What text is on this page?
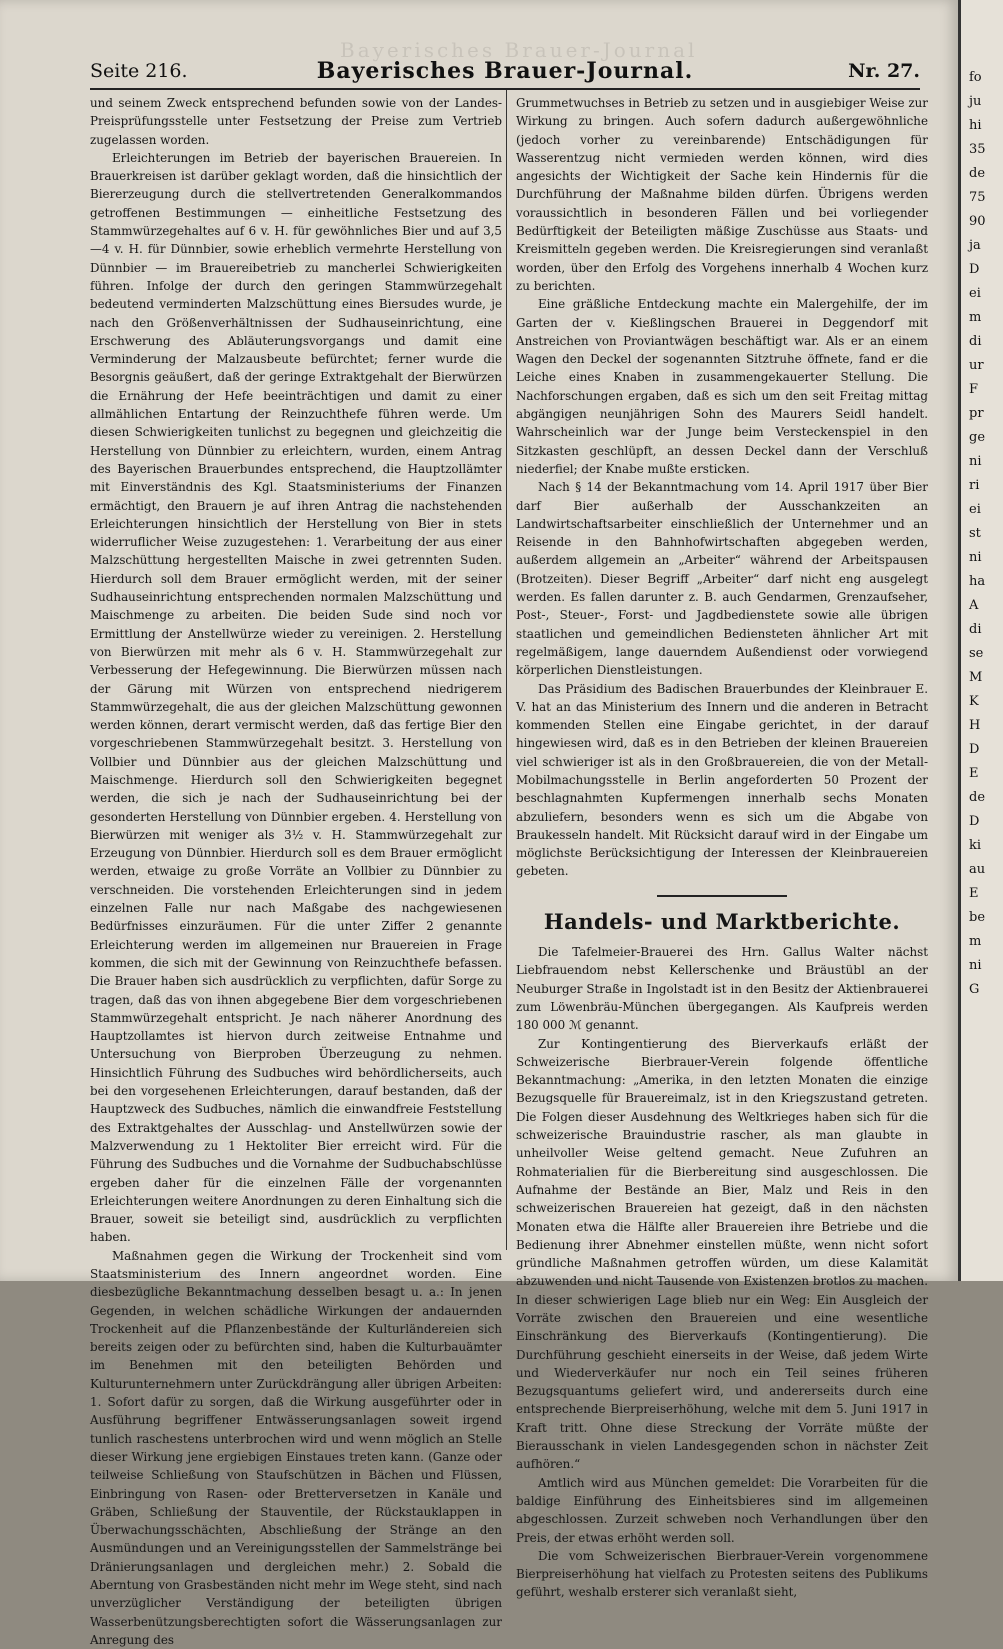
Bayerisches Brauer-Journal
Seite 216.	Bayerisches Brauer-Journal.	Nr. 27.

und seinem Zweck entsprechend befunden sowie von der Landes-Preisprüfungsstelle unter Festsetzung der Preise zum Vertrieb zugelassen worden.

Erleichterungen im Betrieb der bayerischen Brauereien. In Brauerkreisen ist darüber geklagt worden, daß die hinsichtlich der Biererzeugung durch die stellvertretenden Generalkommandos getroffenen Bestimmungen — einheitliche Festsetzung des Stammwürzegehaltes auf 6 v. H. für gewöhnliches Bier und auf 3,5—4 v. H. für Dünnbier, sowie erheblich vermehrte Herstellung von Dünnbier — im Brauereibetrieb zu mancherlei Schwierigkeiten führen. Infolge der durch den geringen Stammwürzegehalt bedeutend verminderten Malzschüttung eines Biersudes wurde, je nach den Größenverhältnissen der Sudhauseinrichtung, eine Erschwerung des Abläuterungsvorgangs und damit eine Verminderung der Malzausbeute befürchtet; ferner wurde die Besorgnis geäußert, daß der geringe Extraktgehalt der Bierwürzen die Ernährung der Hefe beeinträchtigen und damit zu einer allmählichen Entartung der Reinzuchthefe führen werde. Um diesen Schwierigkeiten tunlichst zu begegnen und gleichzeitig die Herstellung von Dünnbier zu erleichtern, wurden, einem Antrag des Bayerischen Brauerbundes entsprechend, die Hauptzollämter mit Einverständnis des Kgl. Staatsministeriums der Finanzen ermächtigt, den Brauern je auf ihren Antrag die nachstehenden Erleichterungen hinsichtlich der Herstellung von Bier in stets widerruflicher Weise zuzugestehen: 1. Verarbeitung der aus einer Malzschüttung hergestellten Maische in zwei getrennten Suden. Hierdurch soll dem Brauer ermöglicht werden, mit der seiner Sudhauseinrichtung entsprechenden normalen Malzschüttung und Maischmenge zu arbeiten. Die beiden Sude sind noch vor Ermittlung der Anstellwürze wieder zu vereinigen. 2. Herstellung von Bierwürzen mit mehr als 6 v. H. Stammwürzegehalt zur Verbesserung der Hefegewinnung. Die Bierwürzen müssen nach der Gärung mit Würzen von entsprechend niedrigerem Stammwürzegehalt, die aus der gleichen Malzschüttung gewonnen werden können, derart vermischt werden, daß das fertige Bier den vorgeschriebenen Stammwürzegehalt besitzt. 3. Herstellung von Vollbier und Dünnbier aus der gleichen Malzschüttung und Maischmenge. Hierdurch soll den Schwierigkeiten begegnet werden, die sich je nach der Sudhauseinrichtung bei der gesonderten Herstellung von Dünnbier ergeben. 4. Herstellung von Bierwürzen mit weniger als 3½ v. H. Stammwürzegehalt zur Erzeugung von Dünnbier. Hierdurch soll es dem Brauer ermöglicht werden, etwaige zu große Vorräte an Vollbier zu Dünnbier zu verschneiden. Die vorstehenden Erleichterungen sind in jedem einzelnen Falle nur nach Maßgabe des nachgewiesenen Bedürfnisses einzuräumen. Für die unter Ziffer 2 genannte Erleichterung werden im allgemeinen nur Brauereien in Frage kommen, die sich mit der Gewinnung von Reinzuchthefe befassen. Die Brauer haben sich ausdrücklich zu verpflichten, dafür Sorge zu tragen, daß das von ihnen abgegebene Bier dem vorgeschriebenen Stammwürzegehalt entspricht. Je nach näherer Anordnung des Hauptzollamtes ist hiervon durch zeitweise Entnahme und Untersuchung von Bierproben Überzeugung zu nehmen. Hinsichtlich Führung des Sudbuches wird behördlicherseits, auch bei den vorgesehenen Erleichterungen, darauf bestanden, daß der Hauptzweck des Sudbuches, nämlich die einwandfreie Feststellung des Extraktgehaltes der Ausschlag- und Anstellwürzen sowie der Malzverwendung zu 1 Hektoliter Bier erreicht wird. Für die Führung des Sudbuches und die Vornahme der Sudbuchabschlüsse ergeben daher für die einzelnen Fälle der vorgenannten Erleichterungen weitere Anordnungen zu deren Einhaltung sich die Brauer, soweit sie beteiligt sind, ausdrücklich zu verpflichten haben.

Maßnahmen gegen die Wirkung der Trockenheit sind vom Staatsministerium des Innern angeordnet worden. Eine diesbezügliche Bekanntmachung desselben besagt u. a.: In jenen Gegenden, in welchen schädliche Wirkungen der andauernden Trockenheit auf die Pflanzenbestände der Kulturländereien sich bereits zeigen oder zu befürchten sind, haben die Kulturbauämter im Benehmen mit den beteiligten Behörden und Kulturunternehmern unter Zurückdrängung aller übrigen Arbeiten: 1. Sofort dafür zu sorgen, daß die Wirkung ausgeführter oder in Ausführung begriffener Entwässerungsanlagen soweit irgend tunlich raschestens unterbrochen wird und wenn möglich an Stelle dieser Wirkung jene ergiebigen Einstaues treten kann. (Ganze oder teilweise Schließung von Staufschützen in Bächen und Flüssen, Einbringung von Rasen- oder Bretterversetzen in Kanäle und Gräben, Schließung der Stauventile, der Rückstauklappen in Überwachungsschächten, Abschließung der Stränge an den Ausmündungen und an Vereinigungsstellen der Sammelstränge bei Dränierungsanlagen und dergleichen mehr.) 2. Sobald die Aberntung von Grasbeständen nicht mehr im Wege steht, sind nach unverzüglicher Verständigung der beteiligten übrigen Wasserbenützungsberechtigten sofort die Wässerungsanlagen zur Anregung des

Grummetwuchses in Betrieb zu setzen und in ausgiebiger Weise zur Wirkung zu bringen. Auch sofern dadurch außergewöhnliche (jedoch vorher zu vereinbarende) Entschädigungen für Wasserentzug nicht vermieden werden können, wird dies angesichts der Wichtigkeit der Sache kein Hindernis für die Durchführung der Maßnahme bilden dürfen. Übrigens werden voraussichtlich in besonderen Fällen und bei vorliegender Bedürftigkeit der Beteiligten mäßige Zuschüsse aus Staats- und Kreismitteln gegeben werden. Die Kreisregierungen sind veranlaßt worden, über den Erfolg des Vorgehens innerhalb 4 Wochen kurz zu berichten.

Eine gräßliche Entdeckung machte ein Malergehilfe, der im Garten der v. Kießlingschen Brauerei in Deggendorf mit Anstreichen von Proviantwägen beschäftigt war. Als er an einem Wagen den Deckel der sogenannten Sitztruhe öffnete, fand er die Leiche eines Knaben in zusammengekauerter Stellung. Die Nachforschungen ergaben, daß es sich um den seit Freitag mittag abgängigen neunjährigen Sohn des Maurers Seidl handelt. Wahrscheinlich war der Junge beim Versteckenspiel in den Sitzkasten geschlüpft, an dessen Deckel dann der Verschluß niederfiel; der Knabe mußte ersticken.

Nach § 14 der Bekanntmachung vom 14. April 1917 über Bier darf Bier außerhalb der Ausschankzeiten an Landwirtschaftsarbeiter einschließlich der Unternehmer und an Reisende in den Bahnhofwirtschaften abgegeben werden, außerdem allgemein an „Arbeiter“ während der Arbeitspausen (Brotzeiten). Dieser Begriff „Arbeiter“ darf nicht eng ausgelegt werden. Es fallen darunter z. B. auch Gendarmen, Grenzaufseher, Post-, Steuer-, Forst- und Jagdbedienstete sowie alle übrigen staatlichen und gemeindlichen Bediensteten ähnlicher Art mit regelmäßigem, lange dauerndem Außendienst oder vorwiegend körperlichen Dienstleistungen.

Das Präsidium des Badischen Brauerbundes der Kleinbrauer E. V. hat an das Ministerium des Innern und die anderen in Betracht kommenden Stellen eine Eingabe gerichtet, in der darauf hingewiesen wird, daß es in den Betrieben der kleinen Brauereien viel schwieriger ist als in den Großbrauereien, die von der Metall-Mobilmachungsstelle in Berlin angeforderten 50 Prozent der beschlagnahmten Kupfermengen innerhalb sechs Monaten abzuliefern, besonders wenn es sich um die Abgabe von Braukesseln handelt. Mit Rücksicht darauf wird in der Eingabe um möglichste Berücksichtigung der Interessen der Kleinbrauereien gebeten.

Handels- und Marktberichte.

Die Tafelmeier-Brauerei des Hrn. Gallus Walter nächst Liebfrauendom nebst Kellerschenke und Bräustübl an der Neuburger Straße in Ingolstadt ist in den Besitz der Aktienbrauerei zum Löwenbräu-München übergegangen. Als Kaufpreis werden 180 000 ℳ genannt.

Zur Kontingentierung des Bierverkaufs erläßt der Schweizerische Bierbrauer-Verein folgende öffentliche Bekanntmachung: „Amerika, in den letzten Monaten die einzige Bezugsquelle für Brauereimalz, ist in den Kriegszustand getreten. Die Folgen dieser Ausdehnung des Weltkrieges haben sich für die schweizerische Brauindustrie rascher, als man glaubte in unheilvoller Weise geltend gemacht. Neue Zufuhren an Rohmaterialien für die Bierbereitung sind ausgeschlossen. Die Aufnahme der Bestände an Bier, Malz und Reis in den schweizerischen Brauereien hat gezeigt, daß in den nächsten Monaten etwa die Hälfte aller Brauereien ihre Betriebe und die Bedienung ihrer Abnehmer einstellen müßte, wenn nicht sofort gründliche Maßnahmen getroffen würden, um diese Kalamität abzuwenden und nicht Tausende von Existenzen brotlos zu machen. In dieser schwierigen Lage blieb nur ein Weg: Ein Ausgleich der Vorräte zwischen den Brauereien und eine wesentliche Einschränkung des Bierverkaufs (Kontingentierung). Die Durchführung geschieht einerseits in der Weise, daß jedem Wirte und Wiederverkäufer nur noch ein Teil seines früheren Bezugsquantums geliefert wird, und andererseits durch eine entsprechende Bierpreiserhöhung, welche mit dem 5. Juni 1917 in Kraft tritt. Ohne diese Streckung der Vorräte müßte der Bierausschank in vielen Landesgegenden schon in nächster Zeit aufhören.“

Amtlich wird aus München gemeldet: Die Vorarbeiten für die baldige Einführung des Einheitsbieres sind im allgemeinen abgeschlossen. Zurzeit schweben noch Verhandlungen über den Preis, der etwas erhöht werden soll.

Die vom Schweizerischen Bierbrauer-Verein vorgenommene Bierpreiserhöhung hat vielfach zu Protesten seitens des Publikums geführt, weshalb ersterer sich veranlaßt sieht,

fo
ju
hi
35
de
75
90
ja
D
ei
m
di
ur
F
pr
ge
ni
ri
ei
st
ni
ha
A
di
se
M
K
H
D
E
de
D
ki
au
E
be
m
ni
G
